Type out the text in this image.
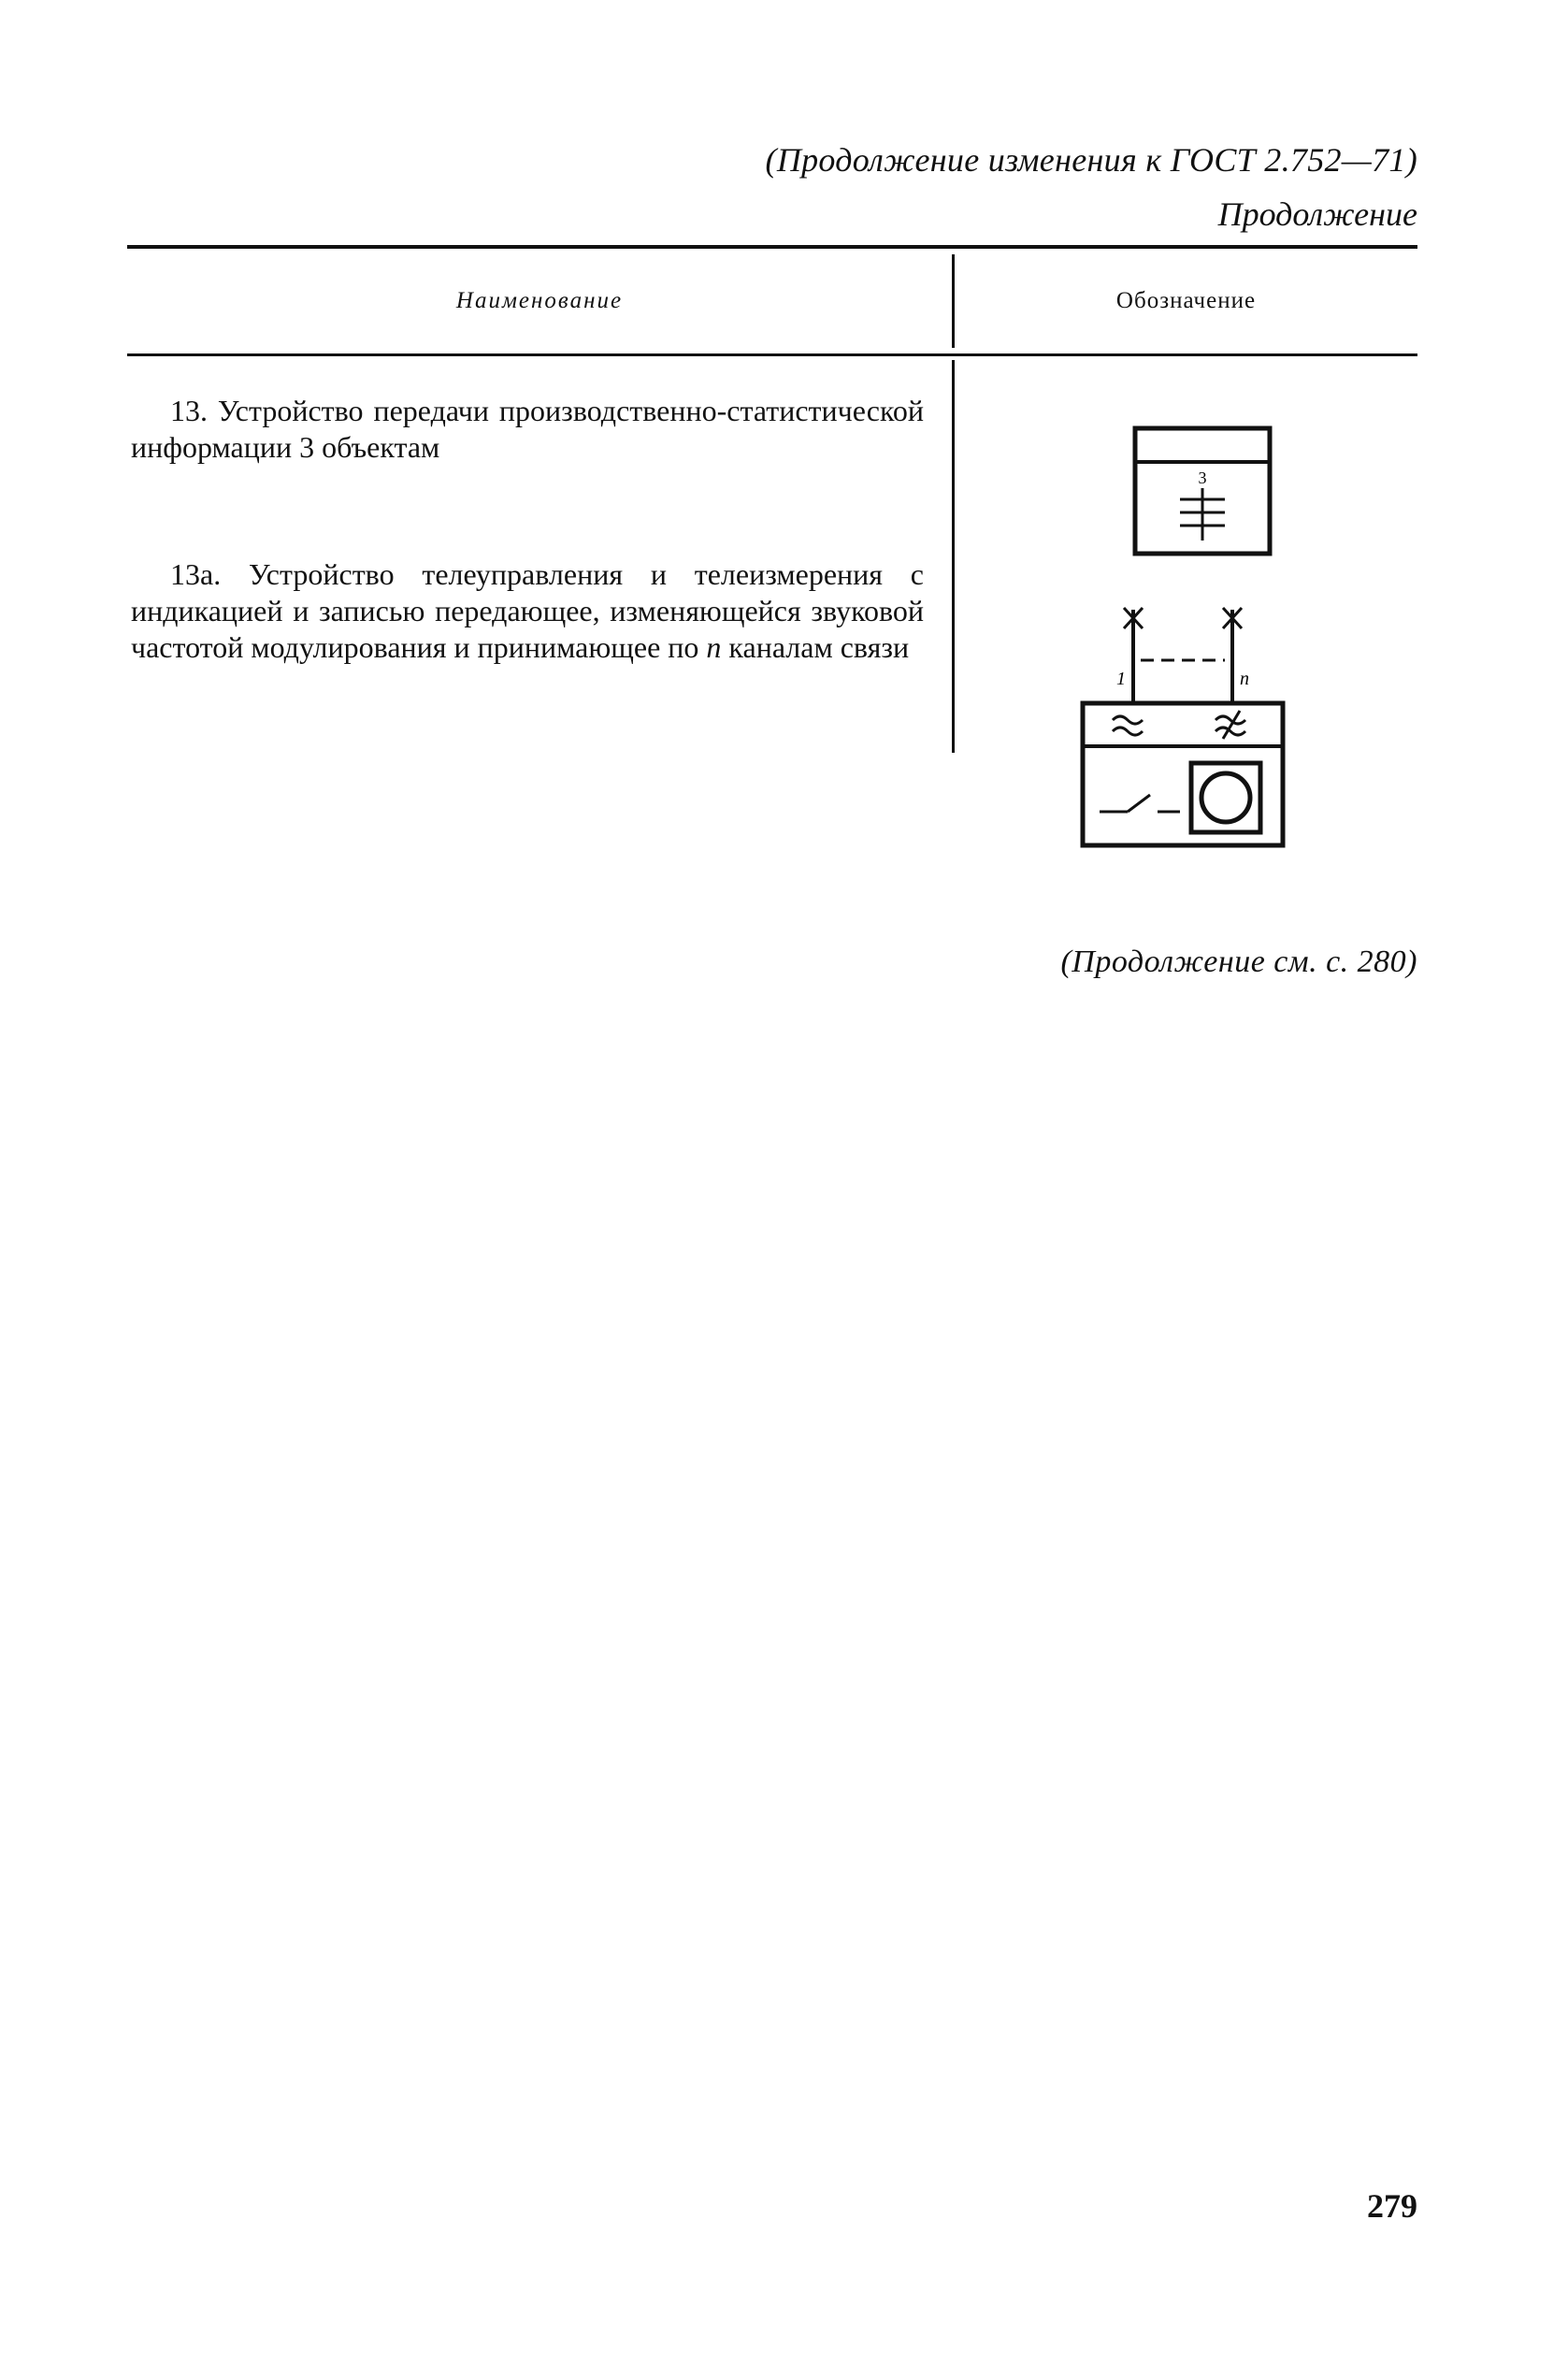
(Продолжение изменения к ГОСТ 2.752—71)
Продолжение
Наименование	Обозначение

13. Устройство передачи производственно-статистической информации 3 объектам

13а. Устройство телеуправления и телеизмерения с индикацией и записью передающее, изменяющейся звуковой частотой модулирования и принимающее по n каналам связи

3
1	n
(Продолжение см. с. 280)
279
